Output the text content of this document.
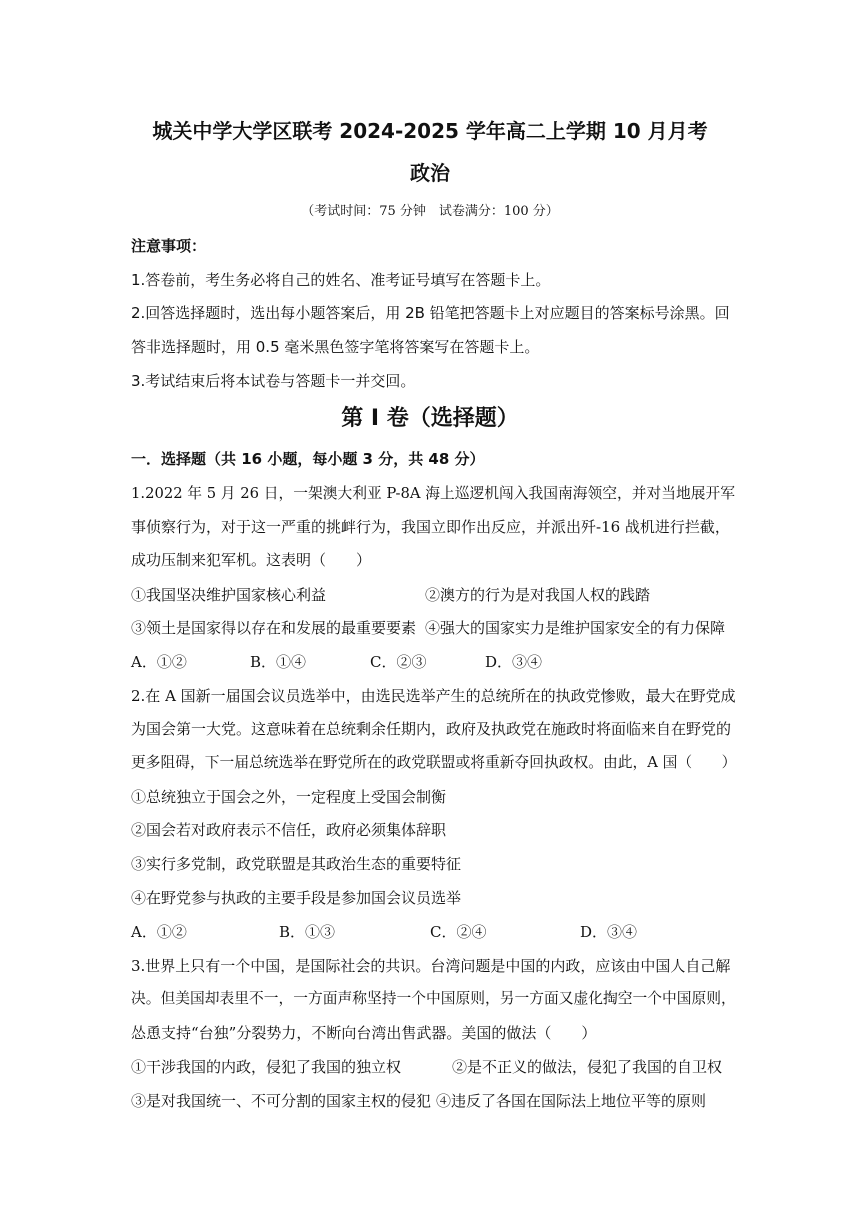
城关中学大学区联考 2024-2025 学年高二上学期 10 月月考
政治
（考试时间：75 分钟　试卷满分：100 分）
注意事项：
1.答卷前，考生务必将自己的姓名、准考证号填写在答题卡上。
2.回答选择题时，选出每小题答案后，用 2B 铅笔把答题卡上对应题目的答案标号涂黑。回
答非选择题时，用 0.5 毫米黑色签字笔将答案写在答题卡上。
3.考试结束后将本试卷与答题卡一并交回。
第 I 卷（选择题）
一．选择题（共 16 小题，每小题 3 分，共 48 分）
1.2022 年 5 月 26 日，一架澳大利亚 P-8A 海上巡逻机闯入我国南海领空，并对当地展开军
事侦察行为，对于这一严重的挑衅行为，我国立即作出反应，并派出歼-16 战机进行拦截，
成功压制来犯军机。这表明（　　）
①我国坚决维护国家核心利益	②澳方的行为是对我国人权的践踏
③领土是国家得以存在和发展的最重要要素 ④强大的国家实力是维护国家安全的有力保障
A．①②	B．①④	C．②③	D．③④
2.在 A 国新一届国会议员选举中，由选民选举产生的总统所在的执政党惨败，最大在野党成
为国会第一大党。这意味着在总统剩余任期内，政府及执政党在施政时将面临来自在野党的
更多阻碍，下一届总统选举在野党所在的政党联盟或将重新夺回执政权。由此，A 国（　　）
①总统独立于国会之外，一定程度上受国会制衡
②国会若对政府表示不信任，政府必须集体辞职
③实行多党制，政党联盟是其政治生态的重要特征
④在野党参与执政的主要手段是参加国会议员选举
A．①②	B．①③	C．②④	D．③④
3.世界上只有一个中国，是国际社会的共识。台湾问题是中国的内政，应该由中国人自己解
决。但美国却表里不一，一方面声称坚持一个中国原则，另一方面又虚化掏空一个中国原则，
怂恿支持“台独”分裂势力，不断向台湾出售武器。美国的做法（　　）
①干涉我国的内政，侵犯了我国的独立权	②是不正义的做法，侵犯了我国的自卫权
③是对我国统一、不可分割的国家主权的侵犯 ④违反了各国在国际法上地位平等的原则
